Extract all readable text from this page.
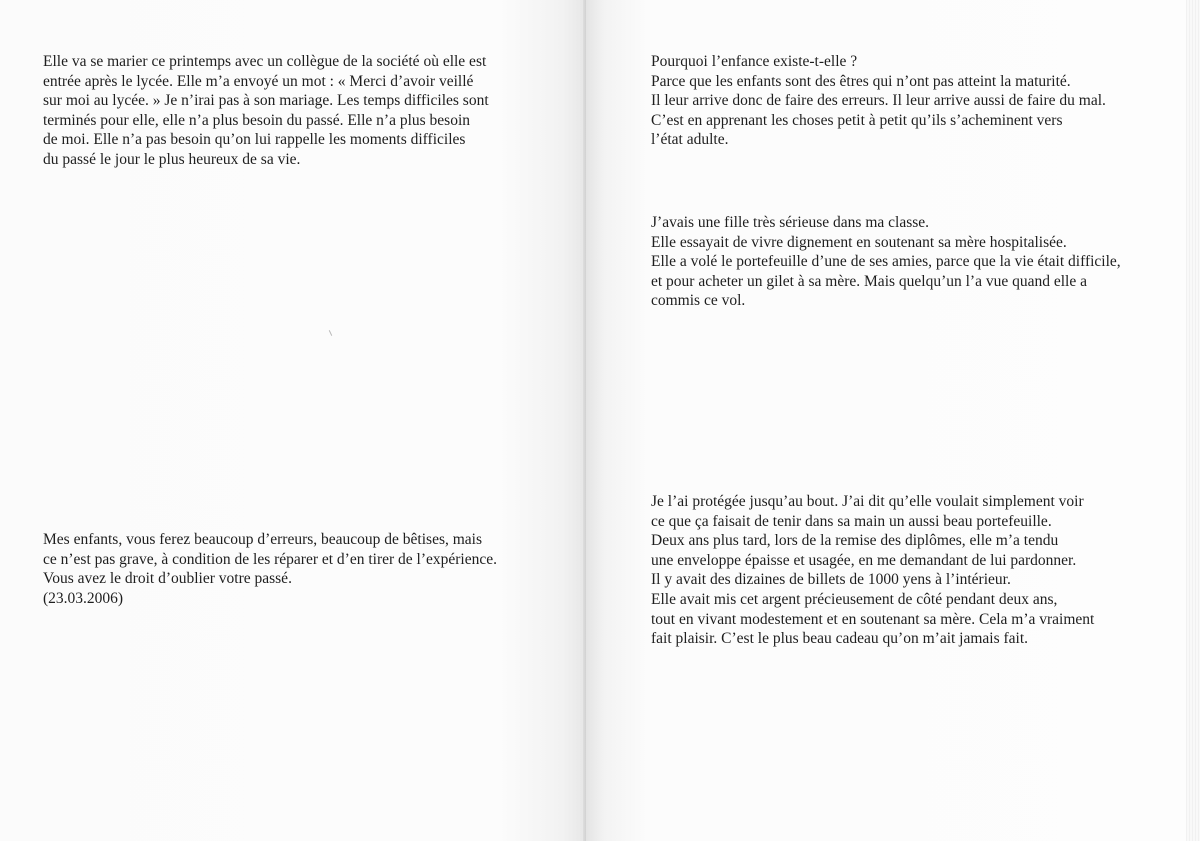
Elle va se marier ce printemps avec un collègue de la société où elle est
entrée après le lycée. Elle m’a envoyé un mot : « Merci d’avoir veillé
sur moi au lycée. » Je n’irai pas à son mariage. Les temps difficiles sont
terminés pour elle, elle n’a plus besoin du passé. Elle n’a plus besoin
de moi. Elle n’a pas besoin qu’on lui rappelle les moments difficiles
du passé le jour le plus heureux de sa vie.
Mes enfants, vous ferez beaucoup d’erreurs, beaucoup de bêtises, mais
ce n’est pas grave, à condition de les réparer et d’en tirer de l’expérience.
Vous avez le droit d’oublier votre passé.
(23.03.2006)
Pourquoi l’enfance existe-t-elle ?
Parce que les enfants sont des êtres qui n’ont pas atteint la maturité.
Il leur arrive donc de faire des erreurs. Il leur arrive aussi de faire du mal.
C’est en apprenant les choses petit à petit qu’ils s’acheminent vers
l’état adulte.
J’avais une fille très sérieuse dans ma classe.
Elle essayait de vivre dignement en soutenant sa mère hospitalisée.
Elle a volé le portefeuille d’une de ses amies, parce que la vie était difficile,
et pour acheter un gilet à sa mère. Mais quelqu’un l’a vue quand elle a
commis ce vol.
Je l’ai protégée jusqu’au bout. J’ai dit qu’elle voulait simplement voir
ce que ça faisait de tenir dans sa main un aussi beau portefeuille.
Deux ans plus tard, lors de la remise des diplômes, elle m’a tendu
une enveloppe épaisse et usagée, en me demandant de lui pardonner.
Il y avait des dizaines de billets de 1000 yens à l’intérieur.
Elle avait mis cet argent précieusement de côté pendant deux ans,
tout en vivant modestement et en soutenant sa mère. Cela m’a vraiment
fait plaisir. C’est le plus beau cadeau qu’on m’ait jamais fait.
